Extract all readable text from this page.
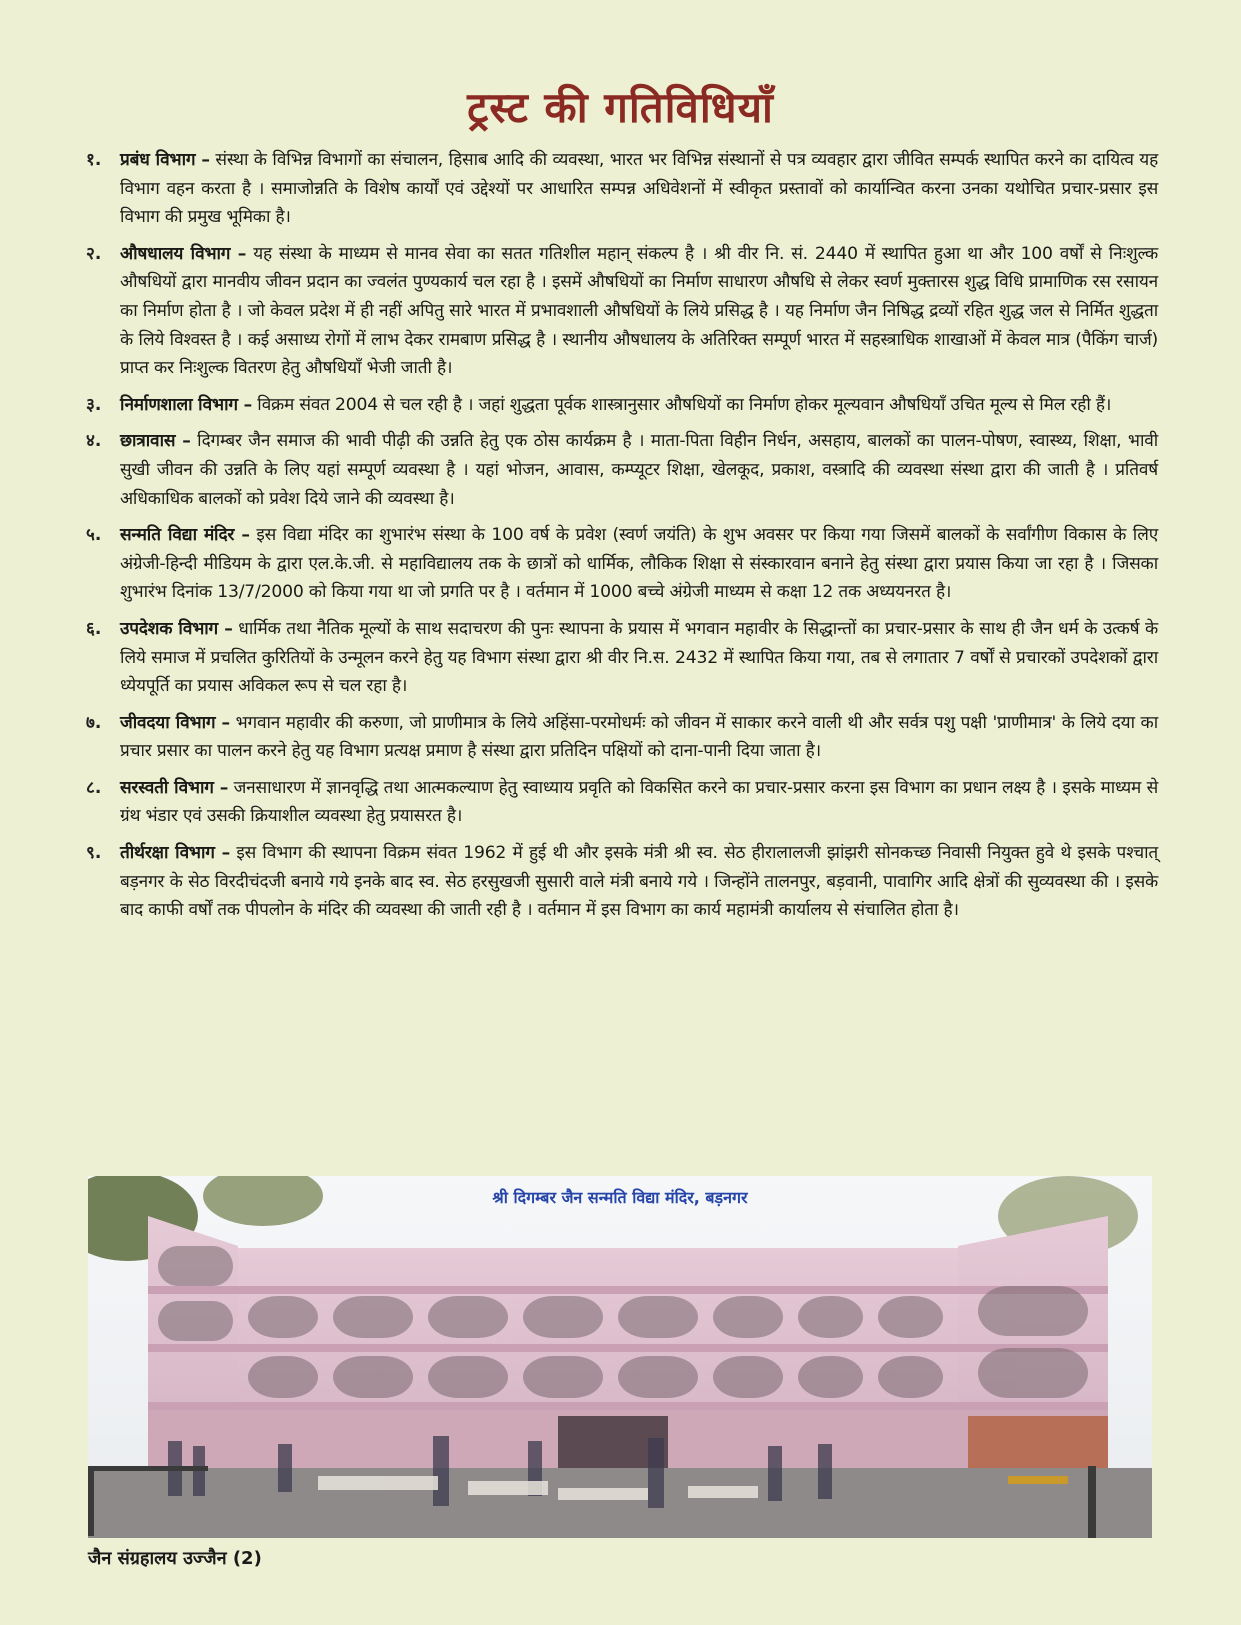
ट्रस्ट की गतिविधियाँ
१.	प्रबंध विभाग – संस्था के विभिन्न विभागों का संचालन, हिसाब आदि की व्यवस्था, भारत भर विभिन्न संस्थानों से पत्र व्यवहार द्वारा जीवित सम्पर्क स्थापित करने का दायित्व यह विभाग वहन करता है । समाजोन्नति के विशेष कार्यों एवं उद्देश्यों पर आधारित सम्पन्न अधिवेशनों में स्वीकृत प्रस्तावों को कार्यान्वित करना उनका यथोचित प्रचार-प्रसार इस विभाग की प्रमुख भूमिका है।
२.	औषधालय विभाग – यह संस्था के माध्यम से मानव सेवा का सतत गतिशील महान् संकल्प है । श्री वीर नि. सं. 2440 में स्थापित हुआ था और 100 वर्षों से निःशुल्क औषधियों द्वारा मानवीय जीवन प्रदान का ज्वलंत पुण्यकार्य चल रहा है । इसमें औषधियों का निर्माण साधारण औषधि से लेकर स्वर्ण मुक्तारस शुद्ध विधि प्रामाणिक रस रसायन का निर्माण होता है । जो केवल प्रदेश में ही नहीं अपितु सारे भारत में प्रभावशाली औषधियों के लिये प्रसिद्ध है । यह निर्माण जैन निषिद्ध द्रव्यों रहित शुद्ध जल से निर्मित शुद्धता के लिये विश्वस्त है । कई असाध्य रोगों में लाभ देकर रामबाण प्रसिद्ध है । स्थानीय औषधालय के अतिरिक्त सम्पूर्ण भारत में सहस्त्राधिक शाखाओं में केवल मात्र (पैकिंग चार्ज) प्राप्त कर निःशुल्क वितरण हेतु औषधियाँ भेजी जाती है।
३.	निर्माणशाला विभाग – विक्रम संवत 2004 से चल रही है । जहां शुद्धता पूर्वक शास्त्रानुसार औषधियों का निर्माण होकर मूल्यवान औषधियाँ उचित मूल्य से मिल रही हैं।
४.	छात्रावास – दिगम्बर जैन समाज की भावी पीढ़ी की उन्नति हेतु एक ठोस कार्यक्रम है । माता-पिता विहीन निर्धन, असहाय, बालकों का पालन-पोषण, स्वास्थ्य, शिक्षा, भावी सुखी जीवन की उन्नति के लिए यहां सम्पूर्ण व्यवस्था है । यहां भोजन, आवास, कम्प्यूटर शिक्षा, खेलकूद, प्रकाश, वस्त्रादि की व्यवस्था संस्था द्वारा की जाती है । प्रतिवर्ष अधिकाधिक बालकों को प्रवेश दिये जाने की व्यवस्था है।
५.	सन्मति विद्या मंदिर – इस विद्या मंदिर का शुभारंभ संस्था के 100 वर्ष के प्रवेश (स्वर्ण जयंति) के शुभ अवसर पर किया गया जिसमें बालकों के सर्वांगीण विकास के लिए अंग्रेजी-हिन्दी मीडियम के द्वारा एल.के.जी. से महाविद्यालय तक के छात्रों को धार्मिक, लौकिक शिक्षा से संस्कारवान बनाने हेतु संस्था द्वारा प्रयास किया जा रहा है । जिसका शुभारंभ दिनांक 13/7/2000 को किया गया था जो प्रगति पर है । वर्तमान में 1000 बच्चे अंग्रेजी माध्यम से कक्षा 12 तक अध्ययनरत है।
६.	उपदेशक विभाग – धार्मिक तथा नैतिक मूल्यों के साथ सदाचरण की पुनः स्थापना के प्रयास में भगवान महावीर के सिद्धान्तों का प्रचार-प्रसार के साथ ही जैन धर्म के उत्कर्ष के लिये समाज में प्रचलित कुरितियों के उन्मूलन करने हेतु यह विभाग संस्था द्वारा श्री वीर नि.स. 2432 में स्थापित किया गया, तब से लगातार 7 वर्षों से प्रचारकों उपदेशकों द्वारा ध्येयपूर्ति का प्रयास अविकल रूप से चल रहा है।
७.	जीवदया विभाग – भगवान महावीर की करुणा, जो प्राणीमात्र के लिये अहिंसा-परमोधर्मः को जीवन में साकार करने वाली थी और सर्वत्र पशु पक्षी 'प्राणीमात्र' के लिये दया का प्रचार प्रसार का पालन करने हेतु यह विभाग प्रत्यक्ष प्रमाण है संस्था द्वारा प्रतिदिन पक्षियों को दाना-पानी दिया जाता है।
८.	सरस्वती विभाग – जनसाधारण में ज्ञानवृद्धि तथा आत्मकल्याण हेतु स्वाध्याय प्रवृति को विकसित करने का प्रचार-प्रसार करना इस विभाग का प्रधान लक्ष्य है । इसके माध्यम से ग्रंथ भंडार एवं उसकी क्रियाशील व्यवस्था हेतु प्रयासरत है।
९.	तीर्थरक्षा विभाग – इस विभाग की स्थापना विक्रम संवत 1962 में हुई थी और इसके मंत्री श्री स्व. सेठ हीरालालजी झांझरी सोनकच्छ निवासी नियुक्त हुवे थे इसके पश्चात् बड़नगर के सेठ विरदीचंदजी बनाये गये इनके बाद स्व. सेठ हरसुखजी सुसारी वाले मंत्री बनाये गये । जिन्होंने तालनपुर, बड़वानी, पावागिर आदि क्षेत्रों की सुव्यवस्था की । इसके बाद काफी वर्षों तक पीपलोन के मंदिर की व्यवस्था की जाती रही है । वर्तमान में इस विभाग का कार्य महामंत्री कार्यालय से संचालित होता है।
श्री दिगम्बर जैन सन्मति विद्या मंदिर, बड़नगर
जैन संग्रहालय उज्जैन (2)
